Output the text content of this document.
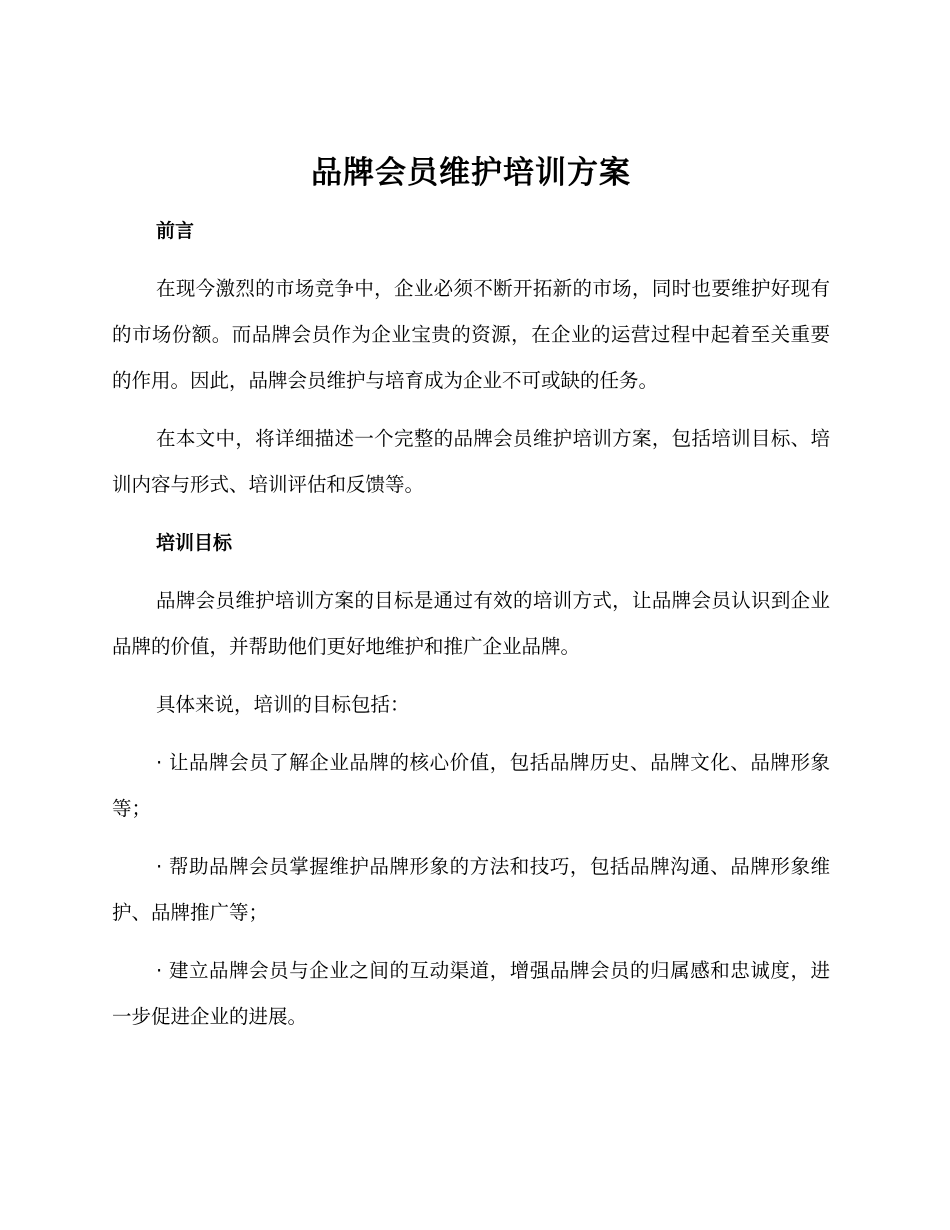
品牌会员维护培训方案
前言

在现今激烈的市场竞争中，企业必须不断开拓新的市场，同时也要维护好现有的市场份额。而品牌会员作为企业宝贵的资源，在企业的运营过程中起着至关重要的作用。因此，品牌会员维护与培育成为企业不可或缺的任务。

在本文中，将详细描述一个完整的品牌会员维护培训方案，包括培训目标、培训内容与形式、培训评估和反馈等。

培训目标

品牌会员维护培训方案的目标是通过有效的培训方式，让品牌会员认识到企业品牌的价值，并帮助他们更好地维护和推广企业品牌。

具体来说，培训的目标包括：

· 让品牌会员了解企业品牌的核心价值，包括品牌历史、品牌文化、品牌形象等；

· 帮助品牌会员掌握维护品牌形象的方法和技巧，包括品牌沟通、品牌形象维护、品牌推广等；

· 建立品牌会员与企业之间的互动渠道，增强品牌会员的归属感和忠诚度，进一步促进企业的进展。
